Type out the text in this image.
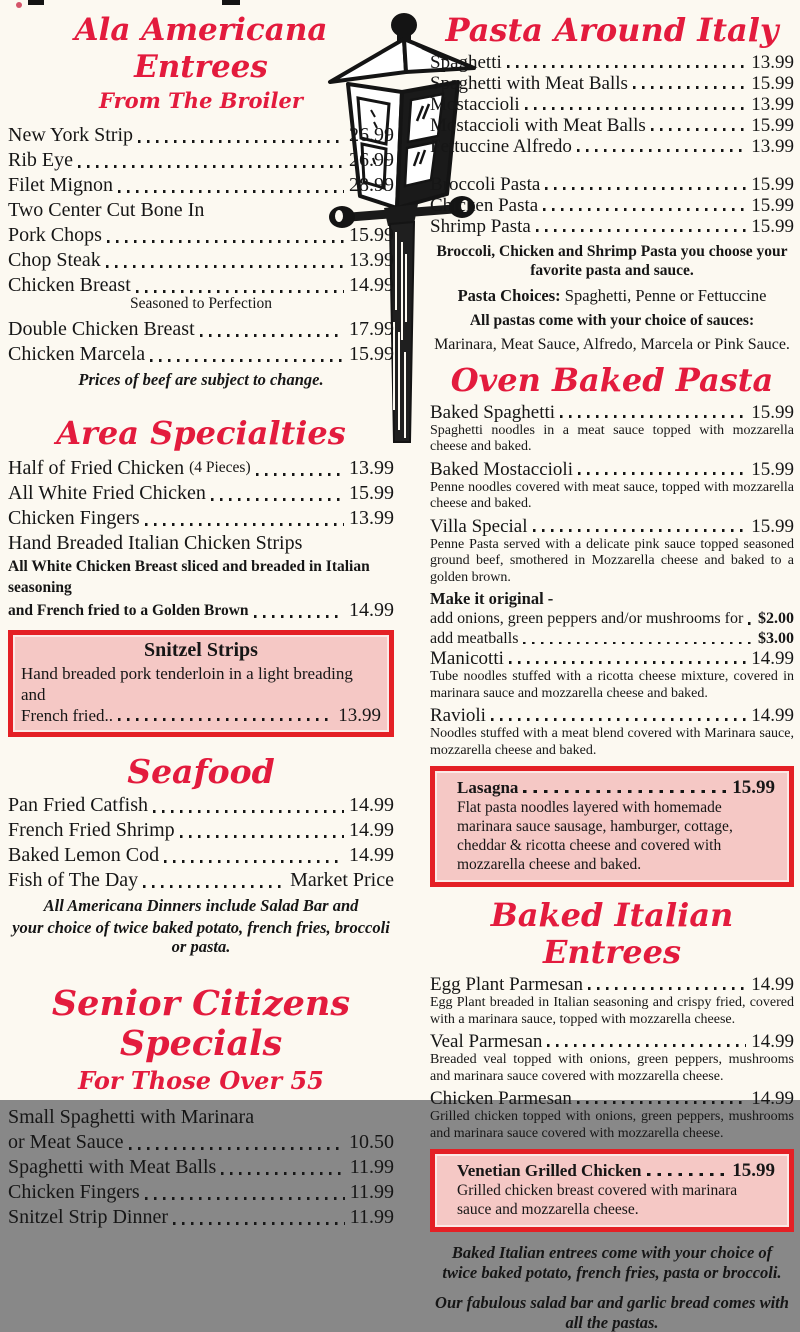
Ala Americana Entrees
From The Broiler
New York Strip	26.99
Rib Eye	26.99
Filet Mignon	28.99
Two Center Cut Bone In
Pork Chops	15.99
Chop Steak	13.99
Chicken Breast	14.99
Seasoned to Perfection
Double Chicken Breast	17.99
Chicken Marcela	15.99
Prices of beef are subject to change.
Area Specialties
Half of Fried Chicken (4 Pieces)	13.99
All White Fried Chicken	15.99
Chicken Fingers	13.99
Hand Breaded Italian Chicken Strips
All White Chicken Breast sliced and breaded in Italian seasoning
and French fried to a Golden Brown	14.99
Snitzel Strips
Hand breaded pork tenderloin in a light breading and
French fried..	13.99
Seafood
Pan Fried Catfish	14.99
French Fried Shrimp	14.99
Baked Lemon Cod	14.99
Fish of The Day	Market Price
All Americana Dinners include Salad Bar and
your choice of twice baked potato, french fries, broccoli or pasta.
Senior Citizens Specials
For Those Over 55
Small Spaghetti with Marinara
or Meat Sauce	10.50
Spaghetti with Meat Balls	11.99
Chicken Fingers	11.99
Snitzel Strip Dinner	11.99
Pasta Around Italy
Spaghetti	13.99
Spaghetti with Meat Balls	15.99
Mostaccioli	13.99
Mostaccioli with Meat Balls	15.99
Fettuccine Alfredo	13.99
Broccoli Pasta	15.99
Chicken Pasta	15.99
Shrimp Pasta	15.99
Broccoli, Chicken and Shrimp Pasta you choose your favorite pasta and sauce.
Pasta Choices: Spaghetti, Penne or Fettuccine
All pastas come with your choice of sauces:
Marinara, Meat Sauce, Alfredo, Marcela or Pink Sauce.
Oven Baked Pasta
Baked Spaghetti	15.99
Spaghetti noodles in a meat sauce topped with mozzarella cheese and baked.
Baked Mostaccioli	15.99
Penne noodles covered with meat sauce, topped with mozzarella cheese and baked.
Villa Special	15.99
Penne Pasta served with a delicate pink sauce topped seasoned ground beef, smothered in Mozzarella cheese and baked to a golden brown.
Make it original -
add onions, green peppers and/or mushrooms for $2.00
add meatballs	$3.00
Manicotti	14.99
Tube noodles stuffed with a ricotta cheese mixture, covered in marinara sauce and mozzarella cheese and baked.
Ravioli	14.99
Noodles stuffed with a meat blend covered with Marinara sauce, mozzarella cheese and baked.
Lasagna	15.99
Flat pasta noodles layered with homemade marinara sauce sausage, hamburger, cottage, cheddar & ricotta cheese and covered with mozzarella cheese and baked.
Baked Italian Entrees
Egg Plant Parmesan	14.99
Egg Plant breaded in Italian seasoning and crispy fried, covered with a marinara sauce, topped with mozzarella cheese.
Veal Parmesan	14.99
Breaded veal topped with onions, green peppers, mushrooms and marinara sauce covered with mozzarella cheese.
Chicken Parmesan	14.99
Grilled chicken topped with onions, green peppers, mushrooms and marinara sauce covered with mozzarella cheese.
Venetian Grilled Chicken	15.99
Grilled chicken breast covered with marinara sauce and mozzarella cheese.
Baked Italian entrees come with your choice of twice baked potato, french fries, pasta or broccoli.
Our fabulous salad bar and garlic bread comes with all the pastas.
